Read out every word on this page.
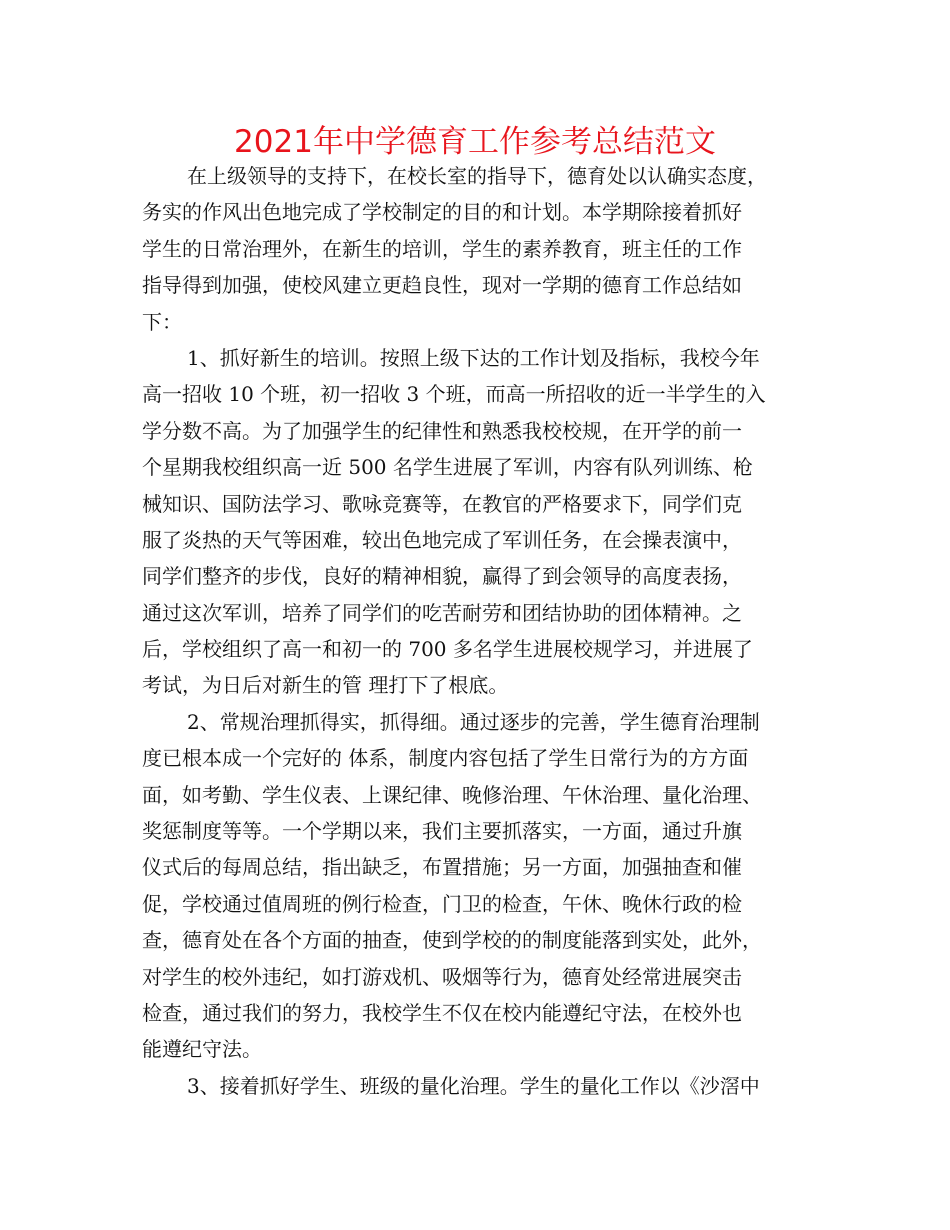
2021年中学德育工作参考总结范文
在上级领导的支持下，在校长室的指导下，德育处以认确实态度，
务实的作风出色地完成了学校制定的目的和计划。本学期除接着抓好
学生的日常治理外，在新生的培训，学生的素养教育，班主任的工作
指导得到加强，使校风建立更趋良性，现对一学期的德育工作总结如
下：
1、抓好新生的培训。按照上级下达的工作计划及指标，我校今年
高一招收 10 个班，初一招收 3 个班，而高一所招收的近一半学生的入
学分数不高。为了加强学生的纪律性和熟悉我校校规，在开学的前一
个星期我校组织高一近 500 名学生进展了军训，内容有队列训练、枪
械知识、国防法学习、歌咏竞赛等，在教官的严格要求下，同学们克
服了炎热的天气等困难，较出色地完成了军训任务，在会操表演中，
同学们整齐的步伐，良好的精神相貌，赢得了到会领导的高度表扬，
通过这次军训，培养了同学们的吃苦耐劳和团结协助的团体精神。之
后，学校组织了高一和初一的 700 多名学生进展校规学习，并进展了
考试，为日后对新生的管 理打下了根底。
2、常规治理抓得实，抓得细。通过逐步的完善，学生德育治理制
度已根本成一个完好的 体系，制度内容包括了学生日常行为的方方面
面，如考勤、学生仪表、上课纪律、晚修治理、午休治理、量化治理、
奖惩制度等等。一个学期以来，我们主要抓落实，一方面，通过升旗
仪式后的每周总结，指出缺乏，布置措施；另一方面，加强抽查和催
促，学校通过值周班的例行检查，门卫的检查，午休、晚休行政的检
查，德育处在各个方面的抽查，使到学校的的制度能落到实处，此外，
对学生的校外违纪，如打游戏机、吸烟等行为，德育处经常进展突击
检查，通过我们的努力，我校学生不仅在校内能遵纪守法，在校外也
能遵纪守法。
3、接着抓好学生、班级的量化治理。学生的量化工作以《沙滘中
